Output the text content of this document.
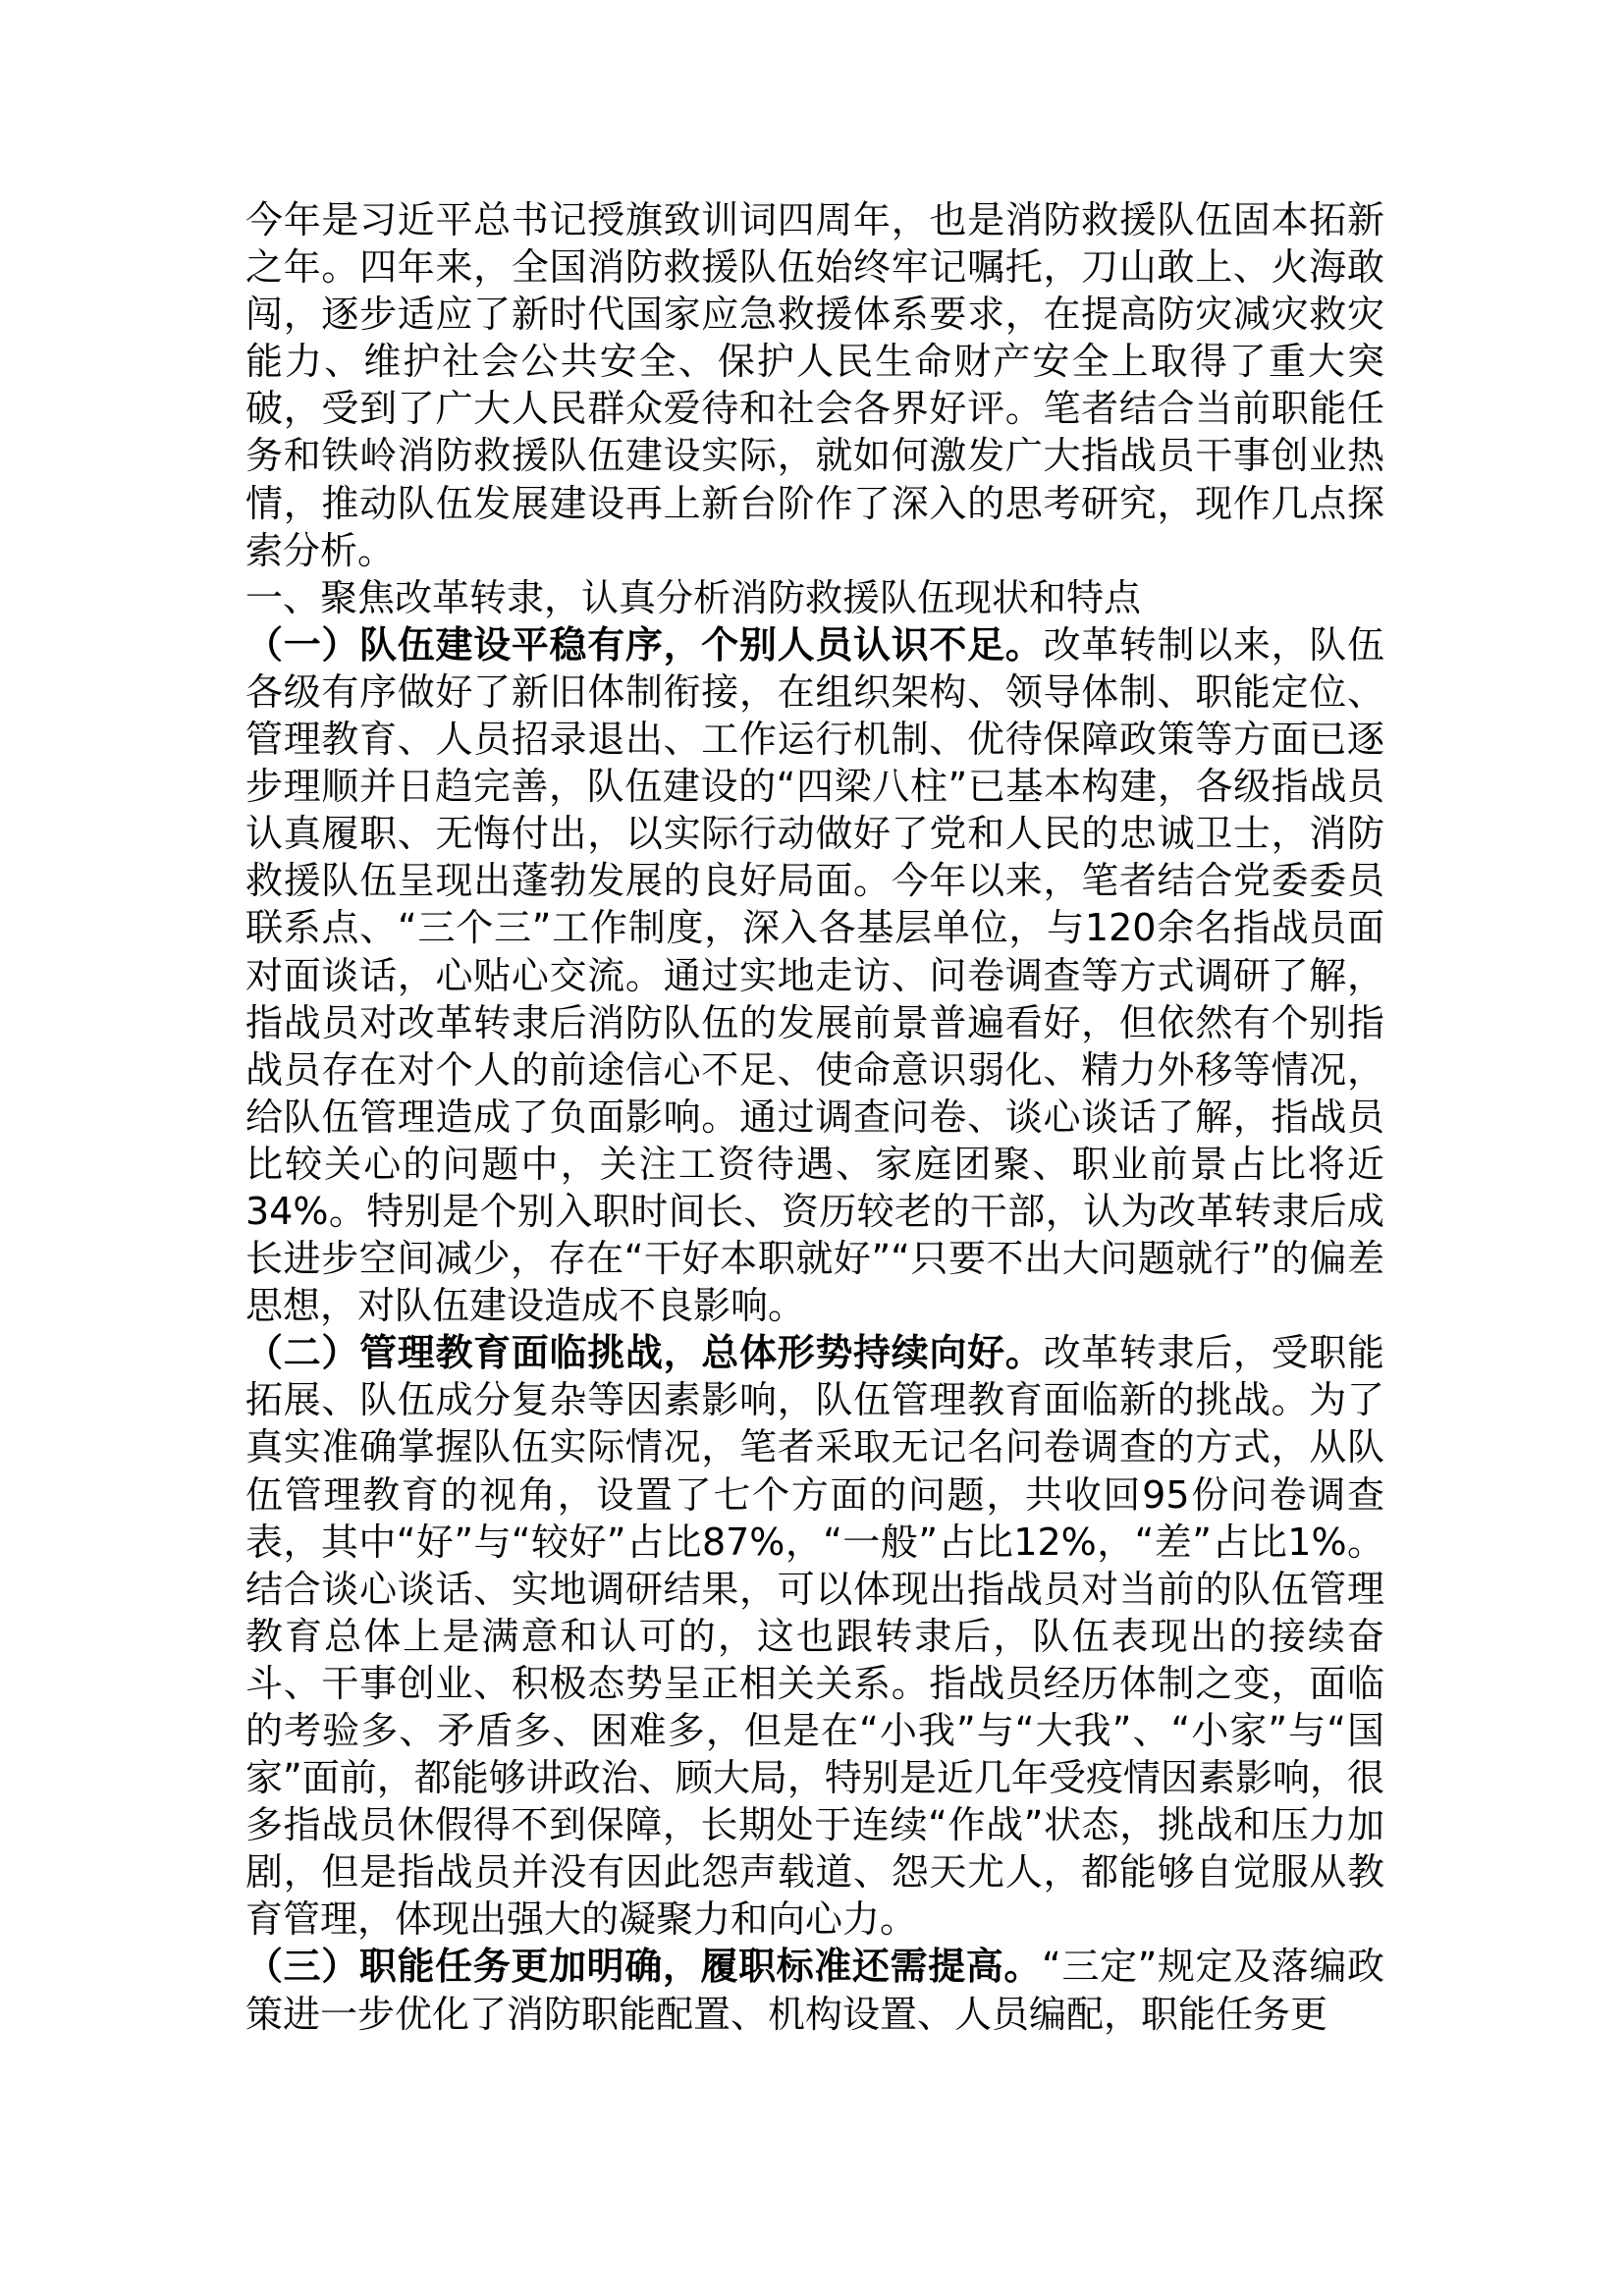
今年是习近平总书记授旗致训词四周年，也是消防救援队伍固本拓新之年。四年来，全国消防救援队伍始终牢记嘱托，刀山敢上、火海敢闯，逐步适应了新时代国家应急救援体系要求，在提高防灾减灾救灾能力、维护社会公共安全、保护人民生命财产安全上取得了重大突破，受到了广大人民群众爱待和社会各界好评。笔者结合当前职能任务和铁岭消防救援队伍建设实际，就如何激发广大指战员干事创业热情，推动队伍发展建设再上新台阶作了深入的思考研究，现作几点探索分析。

一、聚焦改革转隶，认真分析消防救援队伍现状和特点

（一）队伍建设平稳有序，个别人员认识不足。改革转制以来，队伍各级有序做好了新旧体制衔接，在组织架构、领导体制、职能定位、管理教育、人员招录退出、工作运行机制、优待保障政策等方面已逐步理顺并日趋完善，队伍建设的“四梁八柱”已基本构建，各级指战员认真履职、无悔付出，以实际行动做好了党和人民的忠诚卫士，消防救援队伍呈现出蓬勃发展的良好局面。今年以来，笔者结合党委委员联系点、“三个三”工作制度，深入各基层单位，与120余名指战员面对面谈话，心贴心交流。通过实地走访、问卷调查等方式调研了解，指战员对改革转隶后消防队伍的发展前景普遍看好，但依然有个别指战员存在对个人的前途信心不足、使命意识弱化、精力外移等情况，给队伍管理造成了负面影响。通过调查问卷、谈心谈话了解，指战员比较关心的问题中，关注工资待遇、家庭团聚、职业前景占比将近34%。特别是个别入职时间长、资历较老的干部，认为改革转隶后成长进步空间减少，存在“干好本职就好”“只要不出大问题就行”的偏差思想，对队伍建设造成不良影响。

（二）管理教育面临挑战，总体形势持续向好。改革转隶后，受职能拓展、队伍成分复杂等因素影响，队伍管理教育面临新的挑战。为了真实准确掌握队伍实际情况，笔者采取无记名问卷调查的方式，从队伍管理教育的视角，设置了七个方面的问题，共收回95份问卷调查表，其中“好”与“较好”占比87%，“一般”占比12%，“差”占比1%。结合谈心谈话、实地调研结果，可以体现出指战员对当前的队伍管理教育总体上是满意和认可的，这也跟转隶后，队伍表现出的接续奋斗、干事创业、积极态势呈正相关关系。指战员经历体制之变，面临的考验多、矛盾多、困难多，但是在“小我”与“大我”、“小家”与“国家”面前，都能够讲政治、顾大局，特别是近几年受疫情因素影响，很多指战员休假得不到保障，长期处于连续“作战”状态，挑战和压力加剧，但是指战员并没有因此怨声载道、怨天尤人，都能够自觉服从教育管理，体现出强大的凝聚力和向心力。

（三）职能任务更加明确，履职标准还需提高。“三定”规定及落编政策进一步优化了消防职能配置、机构设置、人员编配，职能任务更
